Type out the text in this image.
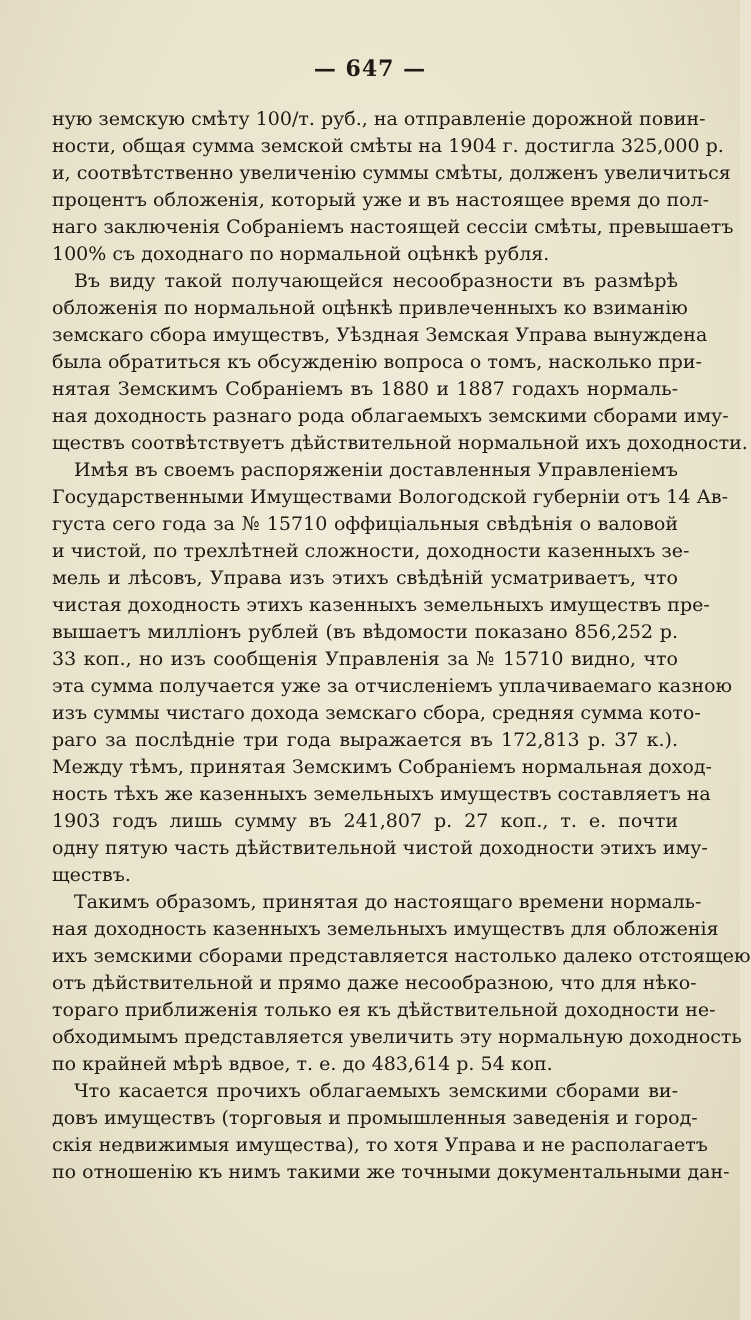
— 647 —
ную земскую смѣту 100/т. руб., на отправленіе дорожной повин-
ности, общая сумма земской смѣты на 1904 г. достигла 325,000 р.
и, соотвѣтственно увеличенію суммы смѣты, долженъ увеличиться
процентъ обложенія, который уже и въ настоящее время до пол-
наго заключенія Собраніемъ настоящей сессіи смѣты, превышаетъ
100% съ доходнаго по нормальной оцѣнкѣ рубля.
Въ виду такой получающейся несообразности въ размѣрѣ
обложенія по нормальной оцѣнкѣ привлеченныхъ ко взиманію
земскаго сбора имуществъ, Уѣздная Земская Управа вынуждена
была обратиться къ обсужденію вопроса о томъ, насколько при-
нятая Земскимъ Собраніемъ въ 1880 и 1887 годахъ нормаль-
ная доходность разнаго рода облагаемыхъ земскими сборами иму-
ществъ соотвѣтствуетъ дѣйствительной нормальной ихъ доходности.
Имѣя въ своемъ распоряженіи доставленныя Управленіемъ
Государственными Имуществами Вологодской губерніи отъ 14 Ав-
густа сего года за № 15710 оффиціальныя свѣдѣнія о валовой
и чистой, по трехлѣтней сложности, доходности казенныхъ зе-
мель и лѣсовъ, Управа изъ этихъ свѣдѣній усматриваетъ, что
чистая доходность этихъ казенныхъ земельныхъ имуществъ пре-
вышаетъ милліонъ рублей (въ вѣдомости показано 856,252 р.
33 коп., но изъ сообщенія Управленія за № 15710 видно, что
эта сумма получается уже за отчисленіемъ уплачиваемаго казною
изъ суммы чистаго дохода земскаго сбора, средняя сумма кото-
раго за послѣдніе три года выражается въ 172,813 р. 37 к.).
Между тѣмъ, принятая Земскимъ Собраніемъ нормальная доход-
ность тѣхъ же казенныхъ земельныхъ имуществъ составляетъ на
1903 годъ лишь сумму въ 241,807 р. 27 коп., т. е. почти
одну пятую часть дѣйствительной чистой доходности этихъ иму-
ществъ.
Такимъ образомъ, принятая до настоящаго времени нормаль-
ная доходность казенныхъ земельныхъ имуществъ для обложенія
ихъ земскими сборами представляется настолько далеко отстоящею
отъ дѣйствительной и прямо даже несообразною, что для нѣко-
тораго приближенія только ея къ дѣйствительной доходности не-
обходимымъ представляется увеличить эту нормальную доходность
по крайней мѣрѣ вдвое, т. е. до 483,614 р. 54 коп.
Что касается прочихъ облагаемыхъ земскими сборами ви-
довъ имуществъ (торговыя и промышленныя заведенія и город-
скія недвижимыя имущества), то хотя Управа и не располагаетъ
по отношенію къ нимъ такими же точными документальными дан-
